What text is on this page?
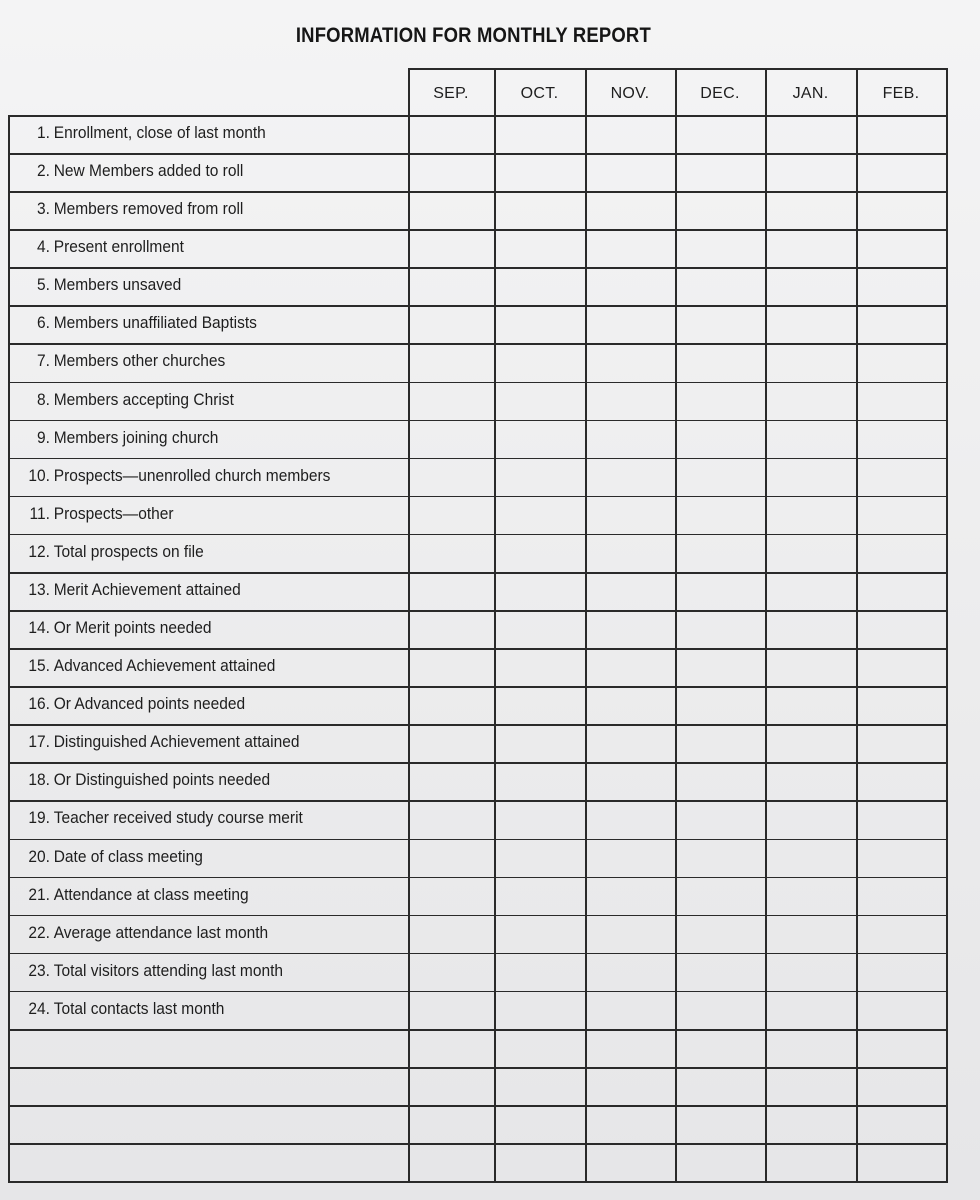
INFORMATION FOR MONTHLY REPORT
SEP.	OCT.	NOV.	DEC.	JAN.	FEB.
1. Enrollment, close of last month
2. New Members added to roll
3. Members removed from roll
4. Present enrollment
5. Members unsaved
6. Members unaffiliated Baptists
7. Members other churches
8. Members accepting Christ
9. Members joining church
10. Prospects—unenrolled church members
11. Prospects—other
12. Total prospects on file
13. Merit Achievement attained
14. Or Merit points needed
15. Advanced Achievement attained
16. Or Advanced points needed
17. Distinguished Achievement attained
18. Or Distinguished points needed
19. Teacher received study course merit
20. Date of class meeting
21. Attendance at class meeting
22. Average attendance last month
23. Total visitors attending last month
24. Total contacts last month
